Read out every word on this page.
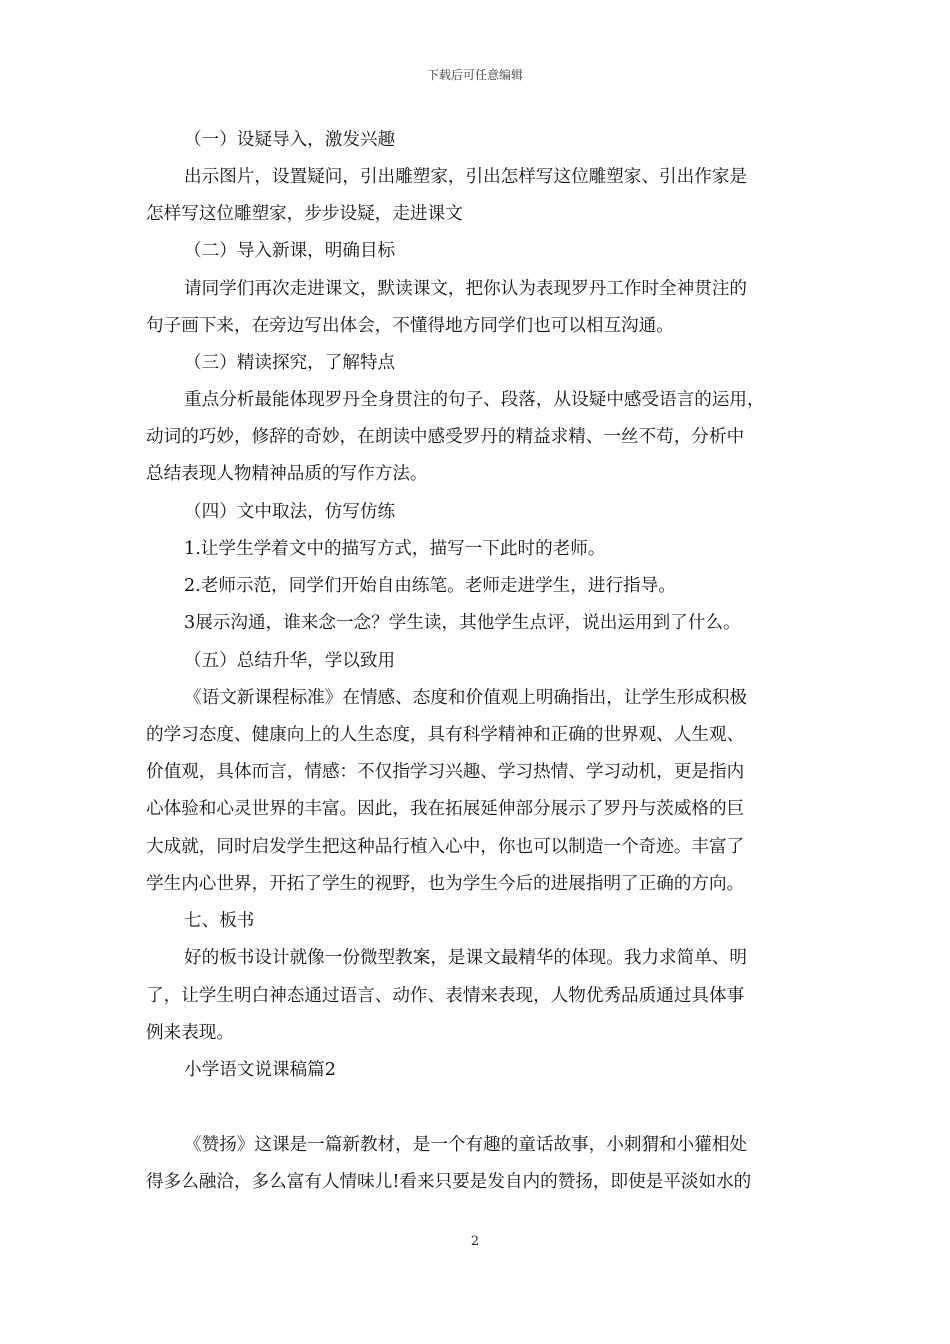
下载后可任意编辑
（一）设疑导入，激发兴趣
出示图片，设置疑问，引出雕塑家，引出怎样写这位雕塑家、引出作家是
怎样写这位雕塑家，步步设疑，走进课文
（二）导入新课，明确目标
请同学们再次走进课文，默读课文，把你认为表现罗丹工作时全神贯注的
句子画下来，在旁边写出体会，不懂得地方同学们也可以相互沟通。
（三）精读探究，了解特点
重点分析最能体现罗丹全身贯注的句子、段落，从设疑中感受语言的运用，
动词的巧妙，修辞的奇妙，在朗读中感受罗丹的精益求精、一丝不苟，分析中
总结表现人物精神品质的写作方法。
（四）文中取法，仿写仿练
1.让学生学着文中的描写方式，描写一下此时的老师。
2.老师示范，同学们开始自由练笔。老师走进学生，进行指导。
3展示沟通，谁来念一念？学生读，其他学生点评，说出运用到了什么。
（五）总结升华，学以致用
《语文新课程标准》在情感、态度和价值观上明确指出，让学生形成积极
的学习态度、健康向上的人生态度，具有科学精神和正确的世界观、人生观、
价值观，具体而言，情感：不仅指学习兴趣、学习热情、学习动机，更是指内
心体验和心灵世界的丰富。因此，我在拓展延伸部分展示了罗丹与茨威格的巨
大成就，同时启发学生把这种品行植入心中，你也可以制造一个奇迹。丰富了
学生内心世界，开拓了学生的视野，也为学生今后的进展指明了正确的方向。
七、板书
好的板书设计就像一份微型教案，是课文最精华的体现。我力求简单、明
了，让学生明白神态通过语言、动作、表情来表现，人物优秀品质通过具体事
例来表现。
小学语文说课稿篇2
《赞扬》这课是一篇新教材，是一个有趣的童话故事，小刺猬和小獾相处
得多么融洽，多么富有人情味儿!看来只要是发自内的赞扬，即使是平淡如水的
2
